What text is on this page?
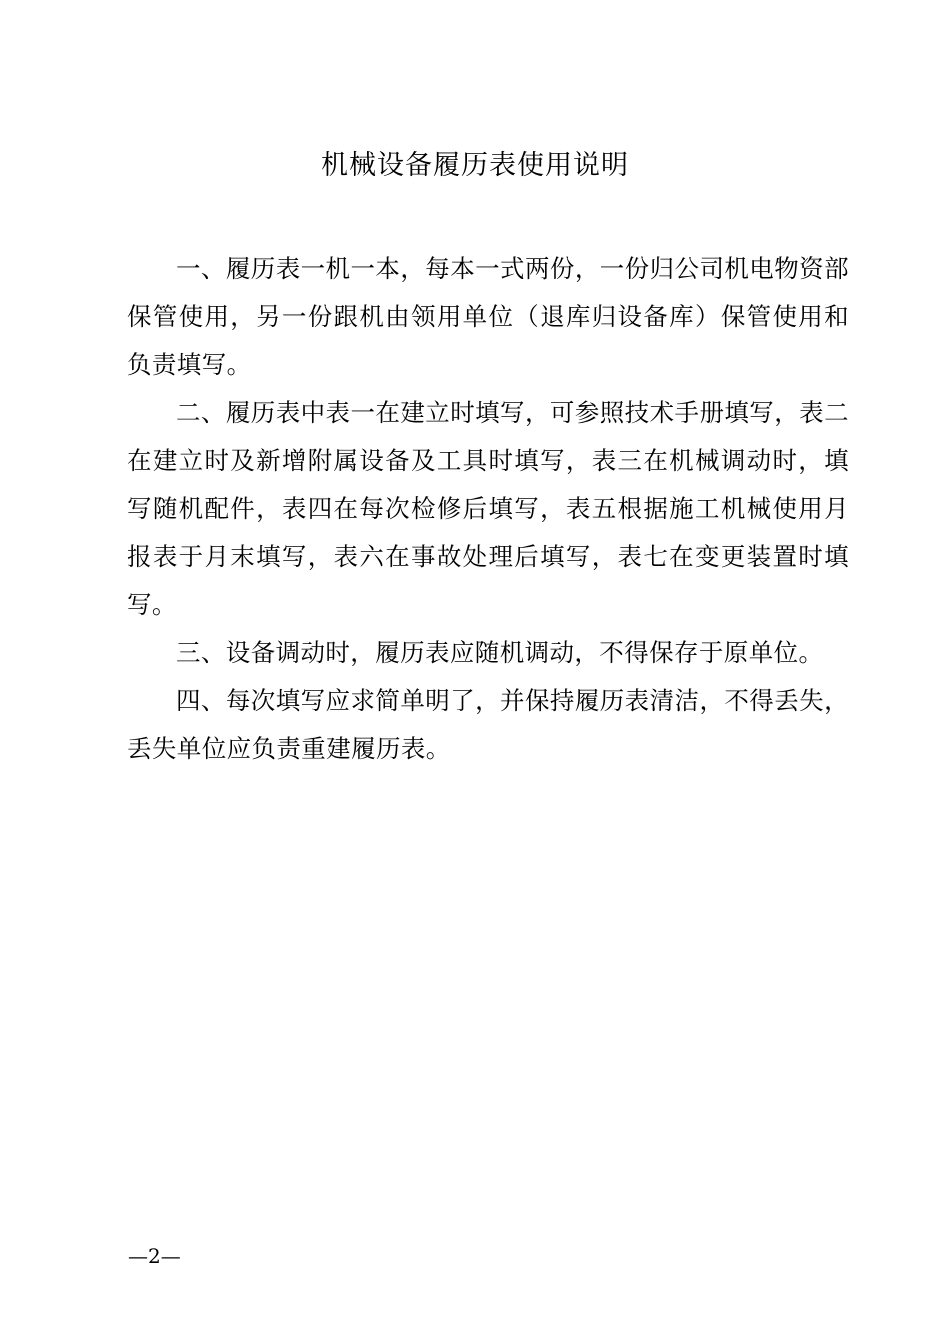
机械设备履历表使用说明

一、履历表一机一本，每本一式两份，一份归公司机电物资部保管使用，另一份跟机由领用单位（退库归设备库）保管使用和负责填写。

二、履历表中表一在建立时填写，可参照技术手册填写，表二在建立时及新增附属设备及工具时填写，表三在机械调动时，填写随机配件，表四在每次检修后填写，表五根据施工机械使用月报表于月末填写，表六在事故处理后填写，表七在变更装置时填写。

三、设备调动时，履历表应随机调动，不得保存于原单位。

四、每次填写应求简单明了，并保持履历表清洁，不得丢失，丢失单位应负责重建履历表。

—2—
